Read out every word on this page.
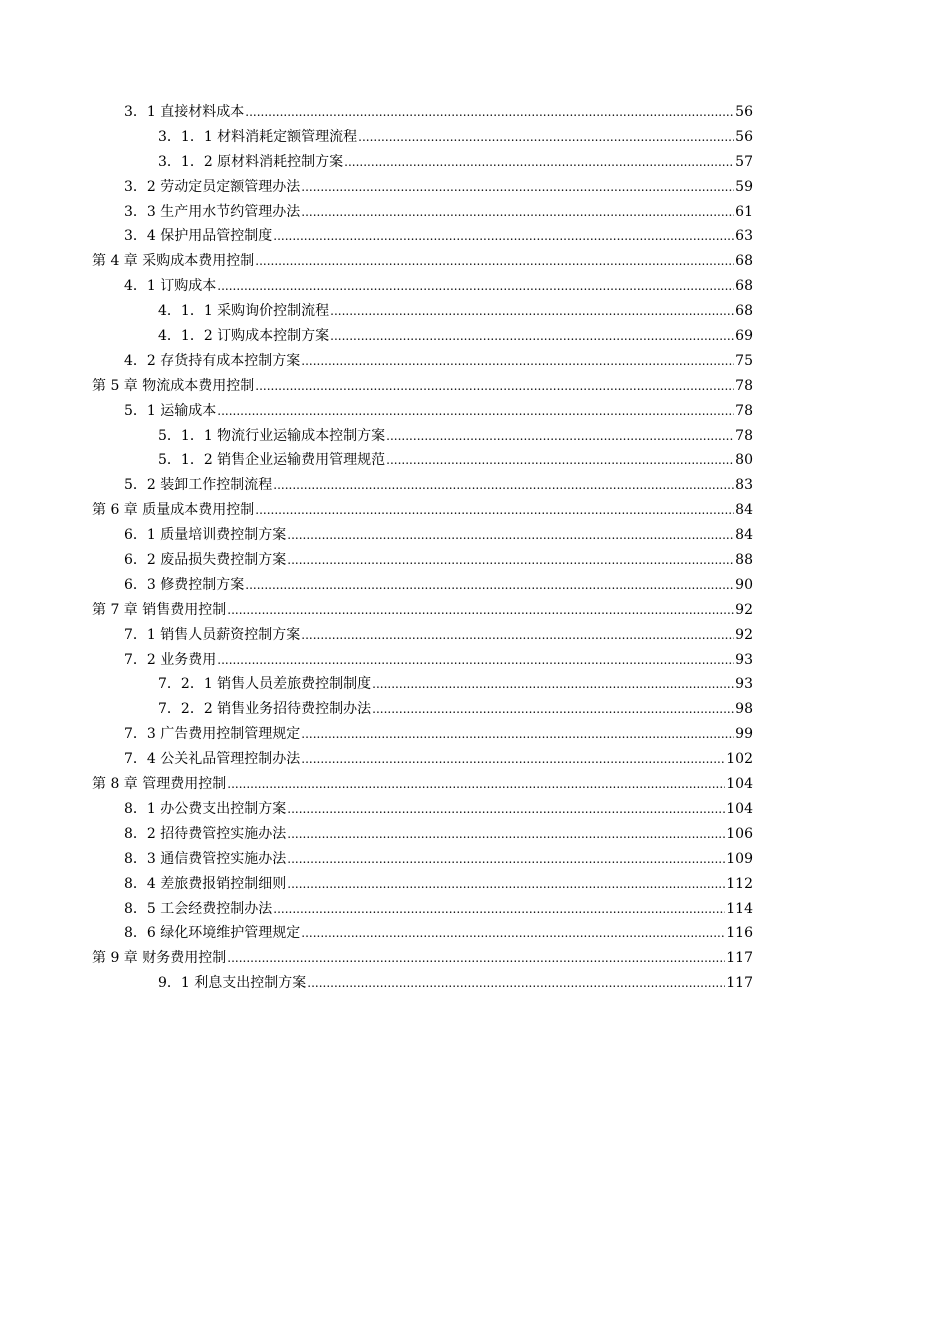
3．1 直接材料成本 .....	56
3．1．1 材料消耗定额管理流程 .....	56
3．1．2 原材料消耗控制方案 .....	57
3．2 劳动定员定额管理办法 .....	59
3．3 生产用水节约管理办法 .....	61
3．4 保护用品管控制度 .....	63
第 4 章 采购成本费用控制 .....	68
4．1 订购成本 .....	68
4．1．1 采购询价控制流程 .....	68
4．1．2 订购成本控制方案 .....	69
4．2 存货持有成本控制方案 .....	75
第 5 章 物流成本费用控制 .....	78
5．1 运输成本 .....	78
5．1．1 物流行业运输成本控制方案 .....	78
5．1．2 销售企业运输费用管理规范 .....	80
5．2 装卸工作控制流程 .....	83
第 6 章 质量成本费用控制 .....	84
6．1 质量培训费控制方案 .....	84
6．2 废品损失费控制方案 .....	88
6．3 修费控制方案 .....	90
第 7 章 销售费用控制 .....	92
7．1 销售人员薪资控制方案 .....	92
7．2 业务费用 .....	93
7．2．1 销售人员差旅费控制制度 .....	93
7．2．2 销售业务招待费控制办法 .....	98
7．3 广告费用控制管理规定 .....	99
7．4 公关礼品管理控制办法 .....	102
第 8 章 管理费用控制 .....	104
8．1 办公费支出控制方案 .....	104
8．2 招待费管控实施办法 .....	106
8．3 通信费管控实施办法 .....	109
8．4 差旅费报销控制细则 .....	112
8．5 工会经费控制办法 .....	114
8．6 绿化环境维护管理规定 .....	116
第 9 章 财务费用控制 .....	117
9．1 利息支出控制方案 .....	117
